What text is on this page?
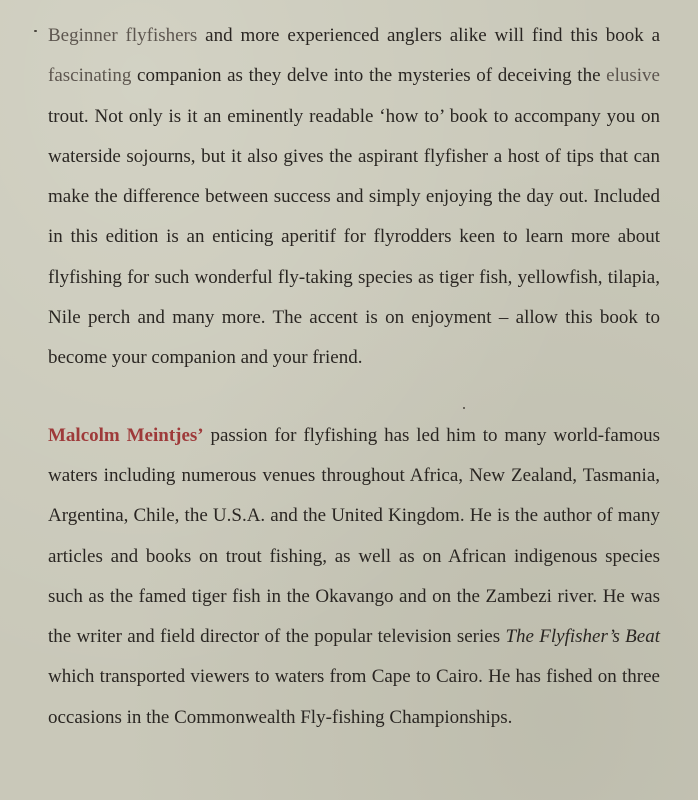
Beginner flyfishers and more experienced anglers alike will find this book a fascinating companion as they delve into the mysteries of deceiving the elusive trout. Not only is it an eminently readable ‘how to’ book to accompany you on waterside sojourns, but it also gives the aspirant flyfisher a host of tips that can make the difference between success and simply enjoying the day out. Included in this edition is an enticing aperitif for flyrodders keen to learn more about flyfishing for such wonderful fly-taking species as tiger fish, yellowfish, tilapia, Nile perch and many more. The accent is on enjoyment – allow this book to become your companion and your friend.

Malcolm Meintjes’ passion for flyfishing has led him to many world-famous waters including numerous venues throughout Africa, New Zealand, Tasmania, Argentina, Chile, the U.S.A. and the United Kingdom. He is the author of many articles and books on trout fishing, as well as on African indigenous species such as the famed tiger fish in the Okavango and on the Zambezi river. He was the writer and field director of the popular television series The Flyfisher’s Beat which transported viewers to waters from Cape to Cairo. He has fished on three occasions in the Commonwealth Fly-fishing Championships.
